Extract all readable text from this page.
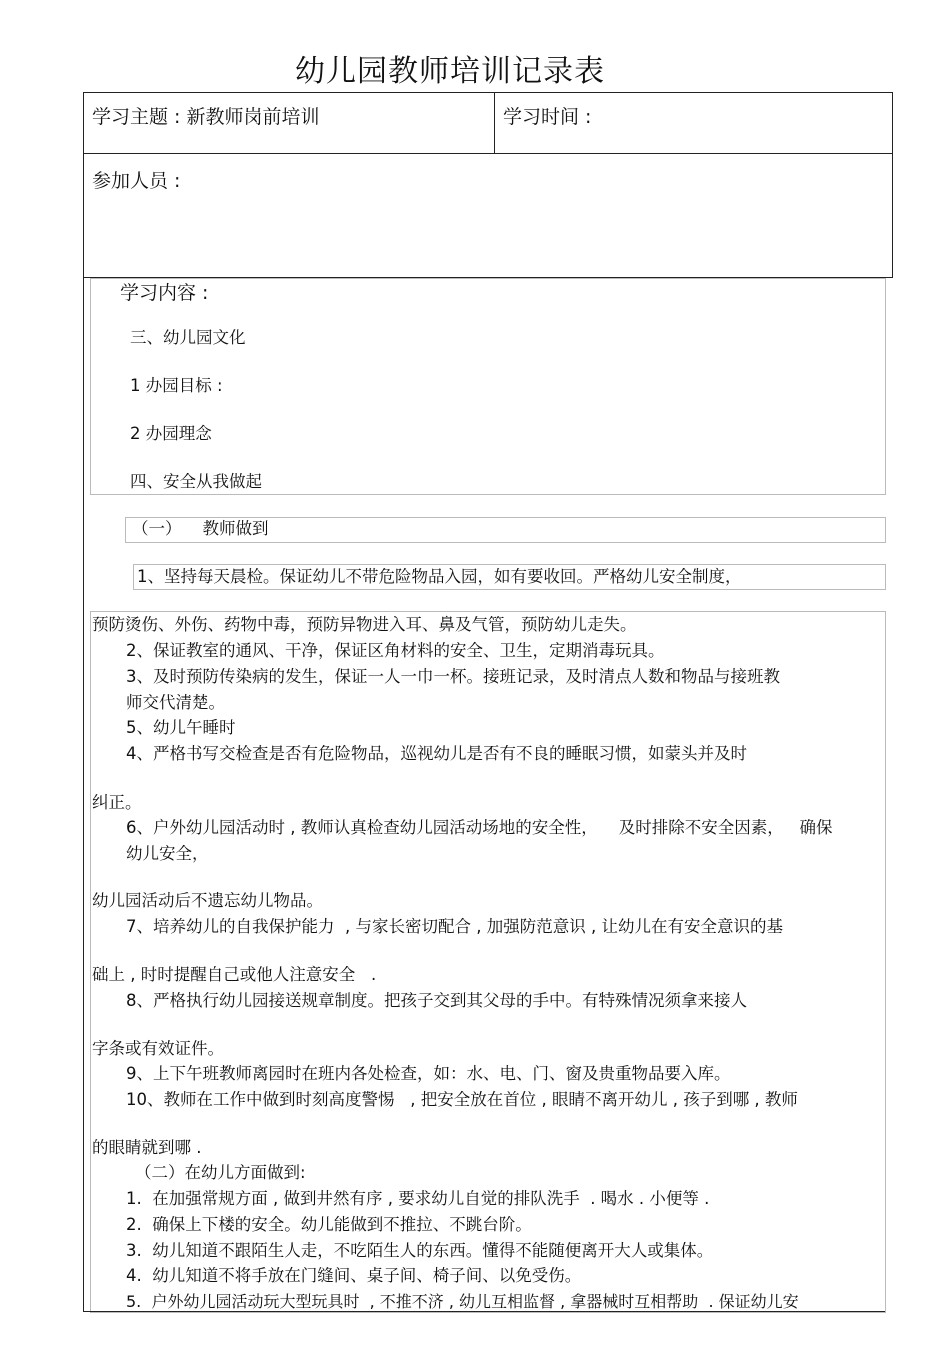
幼儿园教师培训记录表
学习主题 : 新教师岗前培训	学习时间 :
参加人员 :
学习内容 :
三、幼儿园文化
1 办园目标 :
2 办园理念
四、安全从我做起
（一）    教师做到
1、坚持每天晨检。保证幼儿不带危险物品入园，如有要收回。严格幼儿安全制度，
预防烫伤、外伤、药物中毒，预防异物进入耳、鼻及气管，预防幼儿走失。
2、保证教室的通风、干净，保证区角材料的安全、卫生，定期消毒玩具。
3、及时预防传染病的发生，保证一人一巾一杯。接班记录，及时清点人数和物品与接班教
师交代清楚。
5、幼儿午睡时
4、严格书写交检查是否有危险物品，巡视幼儿是否有不良的睡眠习惯，如蒙头并及时
纠正。
6、户外幼儿园活动时 , 教师认真检查幼儿园活动场地的安全性，    及时排除不安全因素，   确保
幼儿安全，
幼儿园活动后不遗忘幼儿物品。
7、培养幼儿的自我保护能力  , 与家长密切配合 , 加强防范意识 , 让幼儿在有安全意识的基
础上 , 时时提醒自己或他人注意安全   .
8、严格执行幼儿园接送规章制度。把孩子交到其父母的手中。有特殊情况须拿来接人
字条或有效证件。
9、上下午班教师离园时在班内各处检查，如：水、电、门、窗及贵重物品要入库。
10、教师在工作中做到时刻高度警惕   , 把安全放在首位 , 眼睛不离开幼儿 , 孩子到哪 , 教师
的眼睛就到哪 .
（二）在幼儿方面做到:
1.  在加强常规方面 , 做到井然有序 , 要求幼儿自觉的排队洗手  . 喝水 . 小便等 .
2.  确保上下楼的安全。幼儿能做到不推拉、不跳台阶。
3.  幼儿知道不跟陌生人走，不吃陌生人的东西。懂得不能随便离开大人或集体。
4.  幼儿知道不将手放在门缝间、桌子间、椅子间、以免受伤。
5.  户外幼儿园活动玩大型玩具时  , 不推不济 , 幼儿互相监督 , 拿器械时互相帮助  . 保证幼儿安
